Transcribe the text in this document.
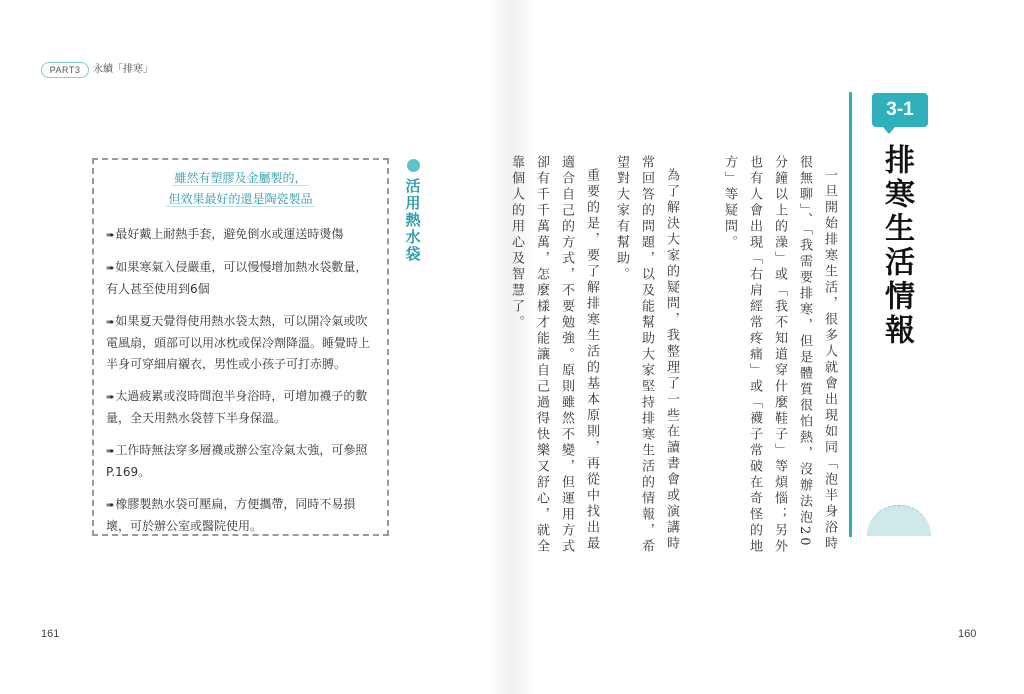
PART3	永續「排寒」
雖然有塑膠及金屬製的，
但效果最好的還是陶瓷製品
➠最好戴上耐熱手套，避免倒水或運送時燙傷
➠如果寒氣入侵嚴重，可以慢慢增加熱水袋數量，有人甚至使用到6個
➠如果夏天覺得使用熱水袋太熱，可以開冷氣或吹電風扇，頭部可以用冰枕或保冷劑降溫。睡覺時上半身可穿細肩襯衣，男性或小孩子可打赤膊。
➠太過疲累或沒時間泡半身浴時，可增加襪子的數量，全天用熱水袋替下半身保溫。
➠工作時無法穿多層襪或辦公室冷氣太強，可參照P.169。
➠橡膠製熱水袋可壓扁，方便攜帶，同時不易損壞，可於辦公室或醫院使用。
活用熱水袋	一旦開始排寒生活，很多人就會出現如同「泡半身浴時很無聊」、「我需要排寒，但是體質很怕熱，沒辦法泡20分鐘以上的澡」或「我不知道穿什麼鞋子」等煩惱；另外也有人會出現「右肩經常疼痛」或「襪子常破在奇怪的地方」等疑問。

為了解決大家的疑問，我整理了一些在讀書會或演講時常回答的問題，以及能幫助大家堅持排寒生活的情報，希望對大家有幫助。

重要的是，要了解排寒生活的基本原則，再從中找出最適合自己的方式，不要勉強。原則雖然不變，但運用方式卻有千千萬萬，怎麼樣才能讓自己過得快樂又舒心，就全靠個人的用心及智慧了。

3-1
排寒生活情報
161	160
